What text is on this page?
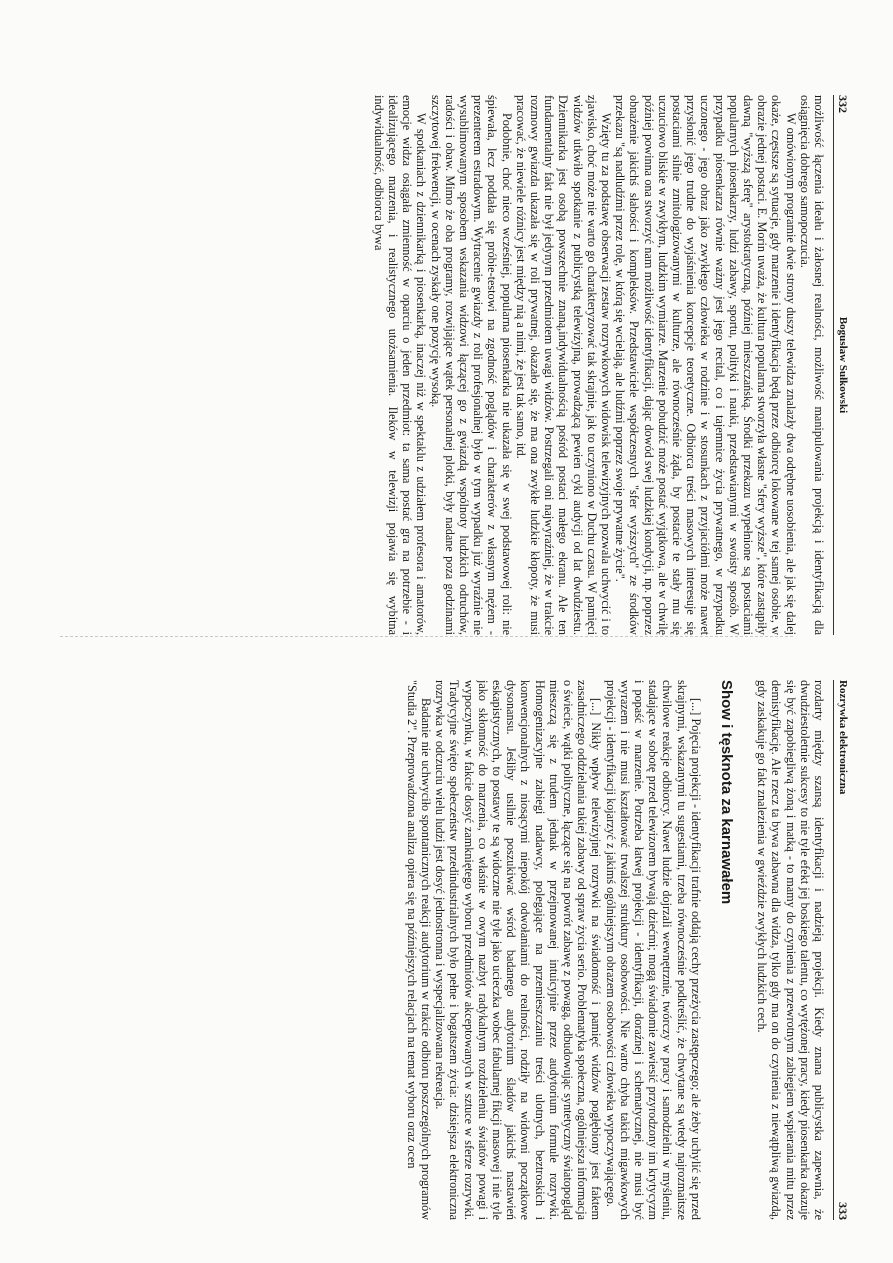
332
Bogusław Sułkowski

możliwość łączenia ideału i żałosnej realności, możliwość manipulowania projekcją i identyfikacją dla osiągnięcia dobrego samopoczucia.

W omówionym programie dwie strony duszy telewidza znalazły dwa odrębne uosobienia, ale jak się dalej okaże, częstsze są sytuacje, gdy marzenie i identyfikacja będą przez odbiorcę lokowane w tej samej osobie, w obrazie jednej postaci. E. Morin uważa, że kultura popularna stworzyła własne "sfery wyższe", które zastąpiły dawną "wyższą sferę" arystokratyczną, później mieszczańską. Środki przekazu wypełnione są postaciami popularnych piosenkarzy, ludzi zabawy, sportu, polityki i nauki, przedstawianymi w swoisty sposób. W przypadku piosenkarza równie ważny jest jego recital, co i tajemnice życia prywatnego, w przypadku uczonego - jego obraz jako zwykłego człowieka w rodzinie i w stosunkach z przyjaciółmi może nawet przysłonić jego trudne do wyjaśnienia koncepcje teoretyczne. Odbiorca treści masowych interesuje się postaciami silnie zmitologizowanymi w kulturze, ale równocześnie żąda, by postacie te stały mu się uczuciowo bliskie w zwykłym, ludzkim wymiarze. Marzenie pobudzić może postać wyjątkowa, ale w chwilę później powinna ona stworzyć nam możliwość identyfikacji, dając dowód swej ludzkiej kondycji, np. poprzez obnażenie jakichś słabości i kompleksów. Przedstawiciele współczesnych "sfer wyższych" ze środków przekazu "są nadludźmi przez rolę, w którą się wcielają, ale ludźmi poprzez swoje prywatne życie".

Wzięty tu za podstawę obserwacji zestaw rozrywkowych widowisk telewizyjnych pozwala uchwycić i to zjawisko, choć może nie warto go charakteryzować tak skrajnie, jak to uczyniono w Duchu czasu. W pamięci widzów utkwiło spotkanie z publicystką telewizyjną, prowadzącą pewien cykl audycji od lat dwudziestu. Dziennikarka jest osobą powszechnie znaną,indywidualnością pośród postaci małego ekranu. Ale ten fundamentalny fakt nie był jedynym przedmiotem uwagi widzów. Postrzegali oni najwyraźniej, że w trakcie rozmowy gwiazda ukazała się w roli prywatnej, okazało się, że ma ona zwykłe ludzkie kłopoty, że musi pracować, że niewiele różnicy jest między nią a nimi, że jest tak samo, itd.

Podobnie, choć nieco wcześniej, popularna piosenkarka nie ukazała się w swej podstawowej roli: nie śpiewała, lecz poddała się próbie-testowi na zgodność poglądów i charakterów z własnym mężem - prezenterem estradowym. Wytracenie gwiazdy z roli profesjonalnej było w tym wypadku już wyraźnie nie wysublimowanym sposobem wskazania widzowi łączącej go z gwiazdą wspólnoty ludzkich odruchów, radości i obaw. Mimo że oba programy, rozwijające wątek personalnej plotki, były nadane poza godzinami szczytowej frekwencji, w ocenach zyskały one pozycję wysoką.

W spotkaniach z dziennikarką i piosenkarką, inaczej niż w spektaklu z udziałem profesora i amatorów, emocje widza osiągała zmienność w oparciu o jeden przedmiot: ta sama postać gra na potrzebie - i idealizującego marzenia, i realistycznego utożsamienia. Ileków w telewizji pojawia się wybitna indywidualność, odbiorca bywa

Rozrywka elektroniczna
333

rozdarty między szansą identyfikacji i nadzieją projekcji. Kiedy znana publicystka zapewnia, że dwudziestoletnie sukcesy to nie tyle efekt jej boskiego talentu, co wytężonej pracy, kiedy piosenkarka okazuje się być zapobiegliwą żoną i matką - to mamy do czynienia z przewrotnym zabiegiem wspierania mitu przez demistyfikację. Ale rzecz ta bywa zabawna dla widza, tylko gdy ma on do czynienia z niewątpliwą gwiazdą, gdy zaskakuje go fakt znalezienia w gwieździe zwykłych ludzkich cech.

Show i tęsknota za karnawałem

[...] Pojęcia projekcji - identyfikacji trafnie oddają cechy przeżycia zastępczego; ale żeby uchylić się przed skrajnymi, wskazanymi tu sugestiami, trzeba równocześnie podkreślić, że chwytane są wtedy najrozmaitsze chwilowe reakcje odbiorcy. Nawet ludzie dojrzali wewnętrznie, twórczy w pracy i samodzielni w myśleniu, stadające w sobotę przed telewizorem bywają dziećmi; mogą świadomie zawiesić przyrodzony im krytycyzm i popaść w marzenie. Potrzeba łatwej projekcji - identyfikacji, doraźnej i schematycznej, nie musi być wyrazem i nie musi kształtować trwalszej struktury osobowości. Nie warto chyba takich migawkowych projekcji - identyfikacji kojarzyć z jakimś ogólniejszym obrazem osobowości człowieka wypoczywającego.

[...] Nikły wpływ telewizyjnej rozrywki na świadomość i pamięć widzów pogłębiony jest faktem zasadniczego oddzielania takiej zabawy od spraw życia serio. Problematyka społeczna, ogólniejsza informacja o świecie, wątki polityczne, łączące się na powrót zabawę z powagą, odbudowując syntetyczny światopogląd mieszczą się z trudem jednak w przejmowanej intuicyjnie przez audytorium formule rozrywki. Homogenizacyjne zabiegi nadawcy, polegające na przemieszczaniu treści ulotnych, beztroskich i konwencjonalnych z niosącymi niepokój odwołaniami do realności, rodziły na widowni początkowe dysonansu. Jeśliby usilnie poszukiwać wśród badanego audytorium śladów jakichś nastawień eskapistycznych, to postawy te są widoczne nie tyle jako ucieczka wobec fabularnej fikcji masowej i nie tyle jako skłonność do marzenia, co właśnie w owym nazbyt radykalnym rozdzieleniu światów powagi i wypoczynku, w fakcie dosyć zamkniętego wyboru przedmiotów akceptowanych w sztuce w sferze rozrywki. Tradycyjne święto społeczeństw przedindustrialnych było pełne i bogatszem życia: dzisiejsza elektroniczna rozrywka w odczuciu wielu ludzi jest dosyć jednostronna i wyspecjalizowana rekreacja.

Badanie nie uchwyciło spontanicznych reakcji audytorium w trakcie odbioru poszczególnych programów "Studia 2". Przeprowadzona analiza opiera się na późniejszych relacjach na temat wyboru oraz ocen
